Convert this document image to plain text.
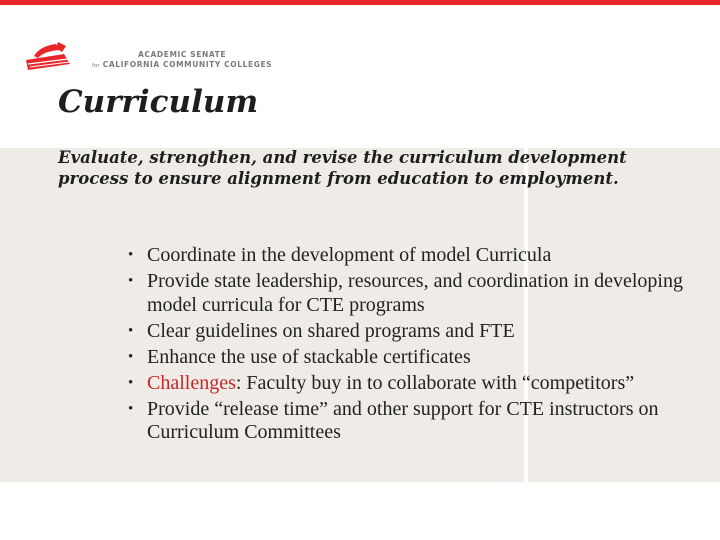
ACADEMIC SENATE
for CALIFORNIA COMMUNITY COLLEGES
Curriculum

Evaluate, strengthen, and revise the curriculum development process to ensure alignment from education to employment.

• Coordinate in the development of model Curricula
• Provide state leadership, resources, and coordination in developing model curricula for CTE programs
• Clear guidelines on shared programs and FTE
• Enhance the use of stackable certificates
• Challenges: Faculty buy in to collaborate with “competitors”
• Provide “release time” and other support for CTE instructors on Curriculum Committees
